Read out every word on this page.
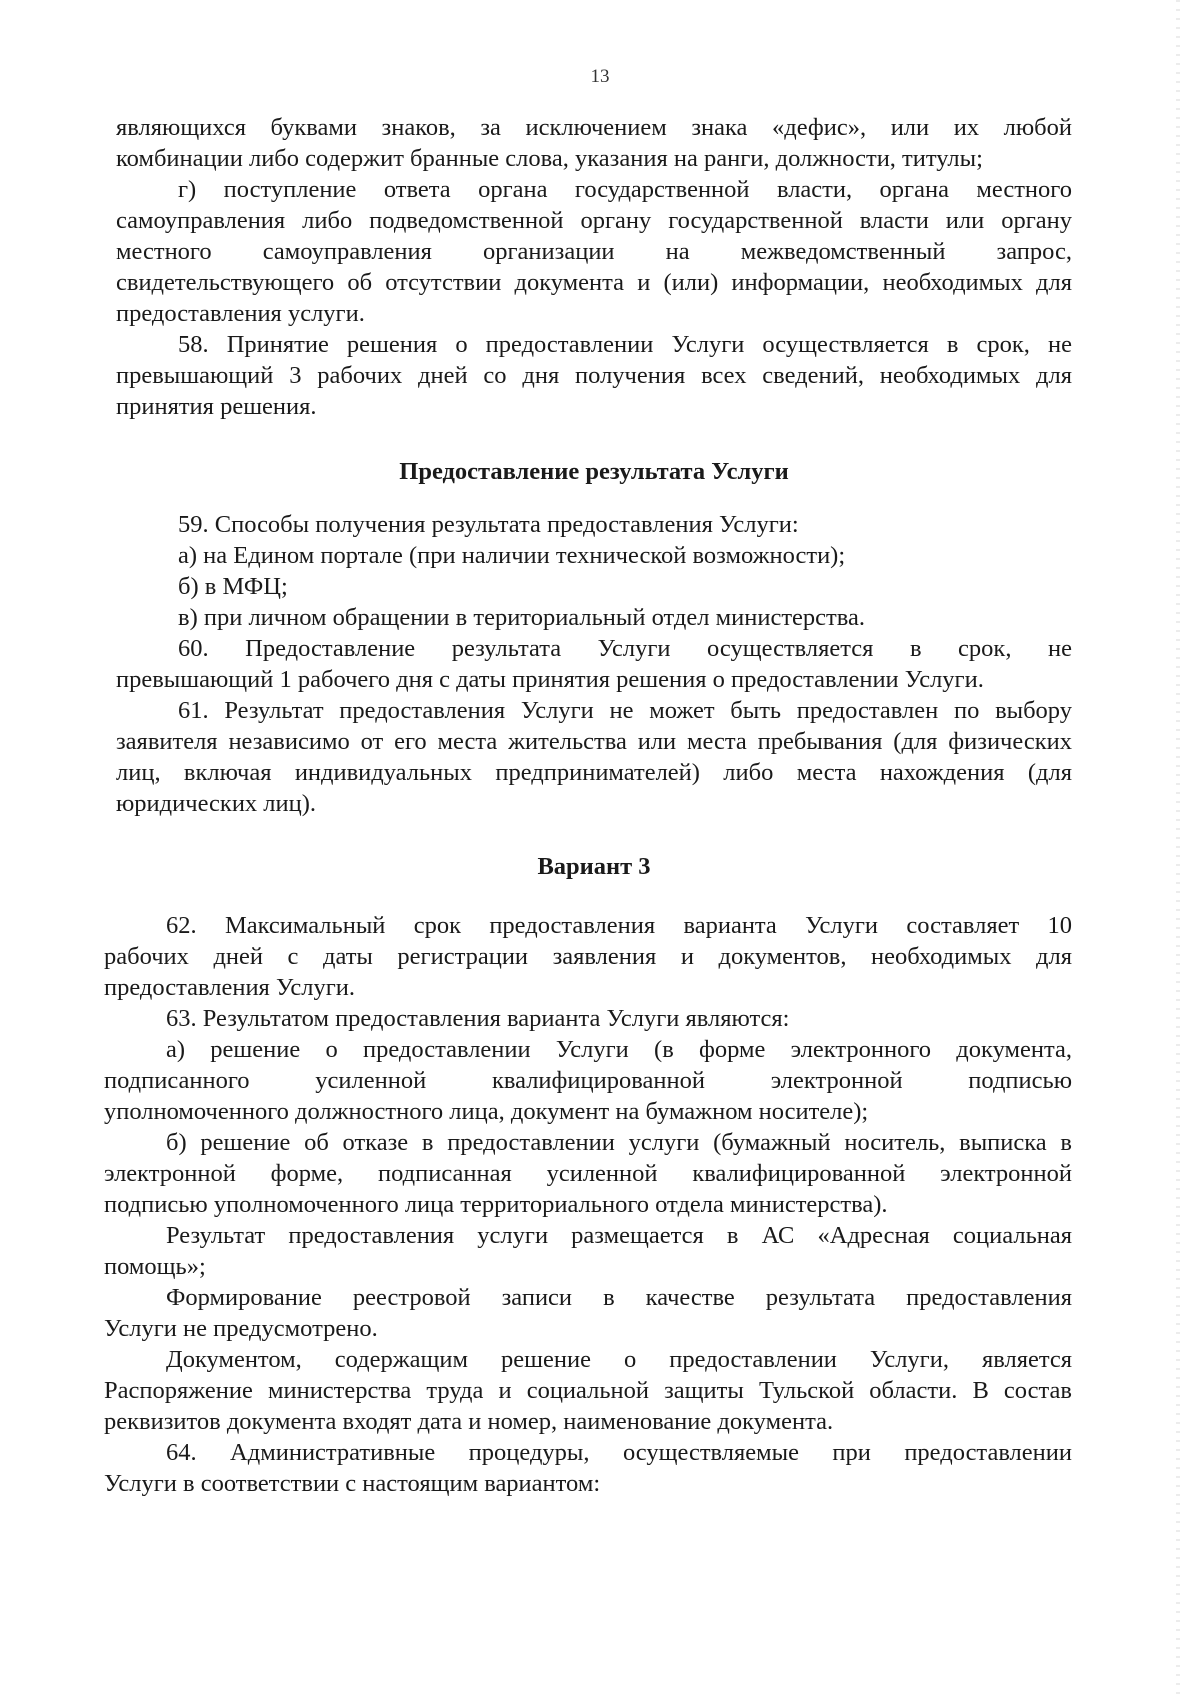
13
являющихся буквами знаков, за исключением знака «дефис», или их любой
комбинации либо содержит бранные слова, указания на ранги, должности, титулы;
г) поступление ответа органа государственной власти, органа местного
самоуправления либо подведомственной органу государственной власти или органу
местного самоуправления организации на межведомственный запрос,
свидетельствующего об отсутствии документа и (или) информации, необходимых для
предоставления услуги.
58. Принятие решения о предоставлении Услуги осуществляется в срок, не
превышающий 3 рабочих дней со дня получения всех сведений, необходимых для
принятия решения.
Предоставление результата Услуги
59. Способы получения результата предоставления Услуги:
а) на Едином портале (при наличии технической возможности);
б) в МФЦ;
в) при личном обращении в териториальный отдел министерства.
60. Предоставление результата Услуги осуществляется в срок, не
превышающий 1 рабочего дня с даты принятия решения о предоставлении Услуги.
61. Результат предоставления Услуги не может быть предоставлен по выбору
заявителя независимо от его места жительства или места пребывания (для физических
лиц, включая индивидуальных предпринимателей) либо места нахождения (для
юридических лиц).
Вариант 3
62. Максимальный срок предоставления варианта Услуги составляет 10
рабочих дней с даты регистрации заявления и документов, необходимых для
предоставления Услуги.
63. Результатом предоставления варианта Услуги являются:
а) решение о предоставлении Услуги (в форме электронного документа,
подписанного усиленной квалифицированной электронной подписью
уполномоченного должностного лица, документ на бумажном носителе);
б) решение об отказе в предоставлении услуги (бумажный носитель, выписка в
электронной форме, подписанная усиленной квалифицированной электронной
подписью уполномоченного лица территориального отдела министерства).
Результат предоставления услуги размещается в АС «Адресная социальная
помощь»;
Формирование реестровой записи в качестве результата предоставления
Услуги не предусмотрено.
Документом, содержащим решение о предоставлении Услуги, является
Распоряжение министерства труда и социальной защиты Тульской области. В состав
реквизитов документа входят дата и номер, наименование документа.
64. Административные процедуры, осуществляемые при предоставлении
Услуги в соответствии с настоящим вариантом:
